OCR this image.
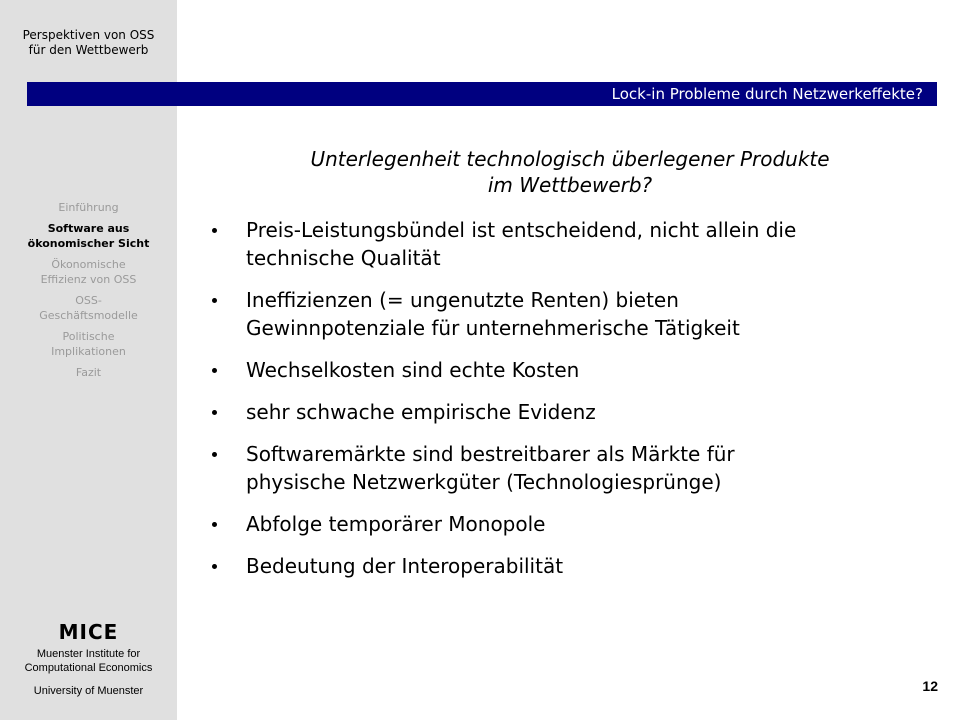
Perspektiven von OSS
für den Wettbewerb
Einführung
Software aus
ökonomischer Sicht
Ökonomische
Effizienz von OSS
OSS-
Geschäftsmodelle
Politische
Implikationen
Fazit
MICE
Muenster Institute for
Computational Economics
University of Muenster
Lock-in Probleme durch Netzwerkeffekte?
Unterlegenheit technologisch überlegener Produkte
im Wettbewerb?
Preis-Leistungsbündel ist entscheidend, nicht allein die
technische Qualität
Ineffizienzen (= ungenutzte Renten) bieten
Gewinnpotenziale für unternehmerische Tätigkeit
Wechselkosten sind echte Kosten
sehr schwache empirische Evidenz
Softwaremärkte sind bestreitbarer als Märkte für
physische Netzwerkgüter (Technologiesprünge)
Abfolge temporärer Monopole
Bedeutung der Interoperabilität
12
